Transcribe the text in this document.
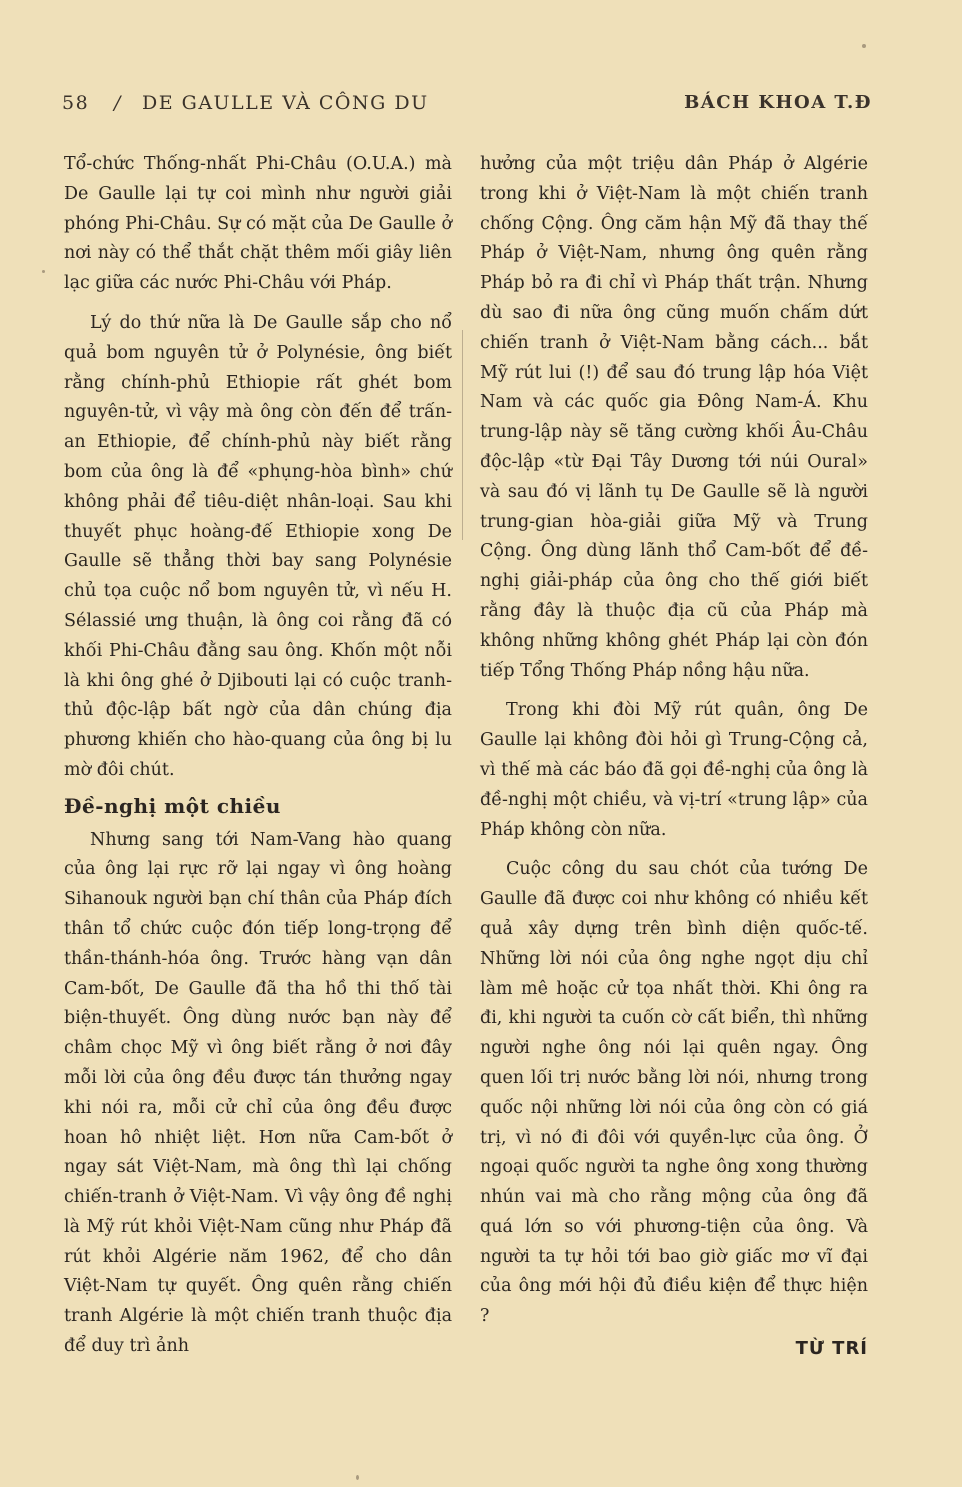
58 / DE GAULLE VÀ CÔNG DU	BÁCH KHOA T.Đ

Tổ-chức Thống-nhất Phi-Châu (O.U.A.) mà De Gaulle lại tự coi mình như người giải phóng Phi-Châu. Sự có mặt của De Gaulle ở nơi này có thể thắt chặt thêm mối giây liên lạc giữa các nước Phi-Châu với Pháp.

Lý do thứ nữa là De Gaulle sắp cho nổ quả bom nguyên tử ở Polynésie, ông biết rằng chính-phủ Ethiopie rất ghét bom nguyên-tử, vì vậy mà ông còn đến để trấn-an Ethiopie, để chính-phủ này biết rằng bom của ông là để «phụng-hòa bình» chứ không phải để tiêu-diệt nhân-loại. Sau khi thuyết phục hoàng-đế Ethiopie xong De Gaulle sẽ thẳng thời bay sang Polynésie chủ tọa cuộc nổ bom nguyên tử, vì nếu H. Sélassié ưng thuận, là ông coi rằng đã có khối Phi-Châu đằng sau ông. Khốn một nỗi là khi ông ghé ở Djibouti lại có cuộc tranh-thủ độc-lập bất ngờ của dân chúng địa phương khiến cho hào-quang của ông bị lu mờ đôi chút.

Đề-nghị một chiều

Nhưng sang tới Nam-Vang hào quang của ông lại rực rỡ lại ngay vì ông hoàng Sihanouk người bạn chí thân của Pháp đích thân tổ chức cuộc đón tiếp long-trọng để thần-thánh-hóa ông. Trước hàng vạn dân Cam-bốt, De Gaulle đã tha hồ thi thố tài biện-thuyết. Ông dùng nước bạn này để châm chọc Mỹ vì ông biết rằng ở nơi đây mỗi lời của ông đều được tán thưởng ngay khi nói ra, mỗi cử chỉ của ông đều được hoan hô nhiệt liệt. Hơn nữa Cam-bốt ở ngay sát Việt-Nam, mà ông thì lại chống chiến-tranh ở Việt-Nam. Vì vậy ông đề nghị là Mỹ rút khỏi Việt-Nam cũng như Pháp đã rút khỏi Algérie năm 1962, để cho dân Việt-Nam tự quyết. Ông quên rằng chiến tranh Algérie là một chiến tranh thuộc địa để duy trì ảnh

hưởng của một triệu dân Pháp ở Algérie trong khi ở Việt-Nam là một chiến tranh chống Cộng. Ông căm hận Mỹ đã thay thế Pháp ở Việt-Nam, nhưng ông quên rằng Pháp bỏ ra đi chỉ vì Pháp thất trận. Nhưng dù sao đi nữa ông cũng muốn chấm dứt chiến tranh ở Việt-Nam bằng cách... bắt Mỹ rút lui (!) để sau đó trung lập hóa Việt Nam và các quốc gia Đông Nam-Á. Khu trung-lập này sẽ tăng cường khối Âu-Châu độc-lập «từ Đại Tây Dương tới núi Oural» và sau đó vị lãnh tụ De Gaulle sẽ là người trung-gian hòa-giải giữa Mỹ và Trung Cộng. Ông dùng lãnh thổ Cam-bốt để đề-nghị giải-pháp của ông cho thế giới biết rằng đây là thuộc địa cũ của Pháp mà không những không ghét Pháp lại còn đón tiếp Tổng Thống Pháp nồng hậu nữa.

Trong khi đòi Mỹ rút quân, ông De Gaulle lại không đòi hỏi gì Trung-Cộng cả, vì thế mà các báo đã gọi đề-nghị của ông là đề-nghị một chiều, và vị-trí «trung lập» của Pháp không còn nữa.

Cuộc công du sau chót của tướng De Gaulle đã được coi như không có nhiều kết quả xây dựng trên bình diện quốc-tế. Những lời nói của ông nghe ngọt dịu chỉ làm mê hoặc cử tọa nhất thời. Khi ông ra đi, khi người ta cuốn cờ cất biển, thì những người nghe ông nói lại quên ngay. Ông quen lối trị nước bằng lời nói, nhưng trong quốc nội những lời nói của ông còn có giá trị, vì nó đi đôi với quyền-lực của ông. Ở ngoại quốc người ta nghe ông xong thường nhún vai mà cho rằng mộng của ông đã quá lớn so với phương-tiện của ông. Và người ta tự hỏi tới bao giờ giấc mơ vĩ đại của ông mới hội đủ điều kiện để thực hiện ?

TỪ TRÍ
